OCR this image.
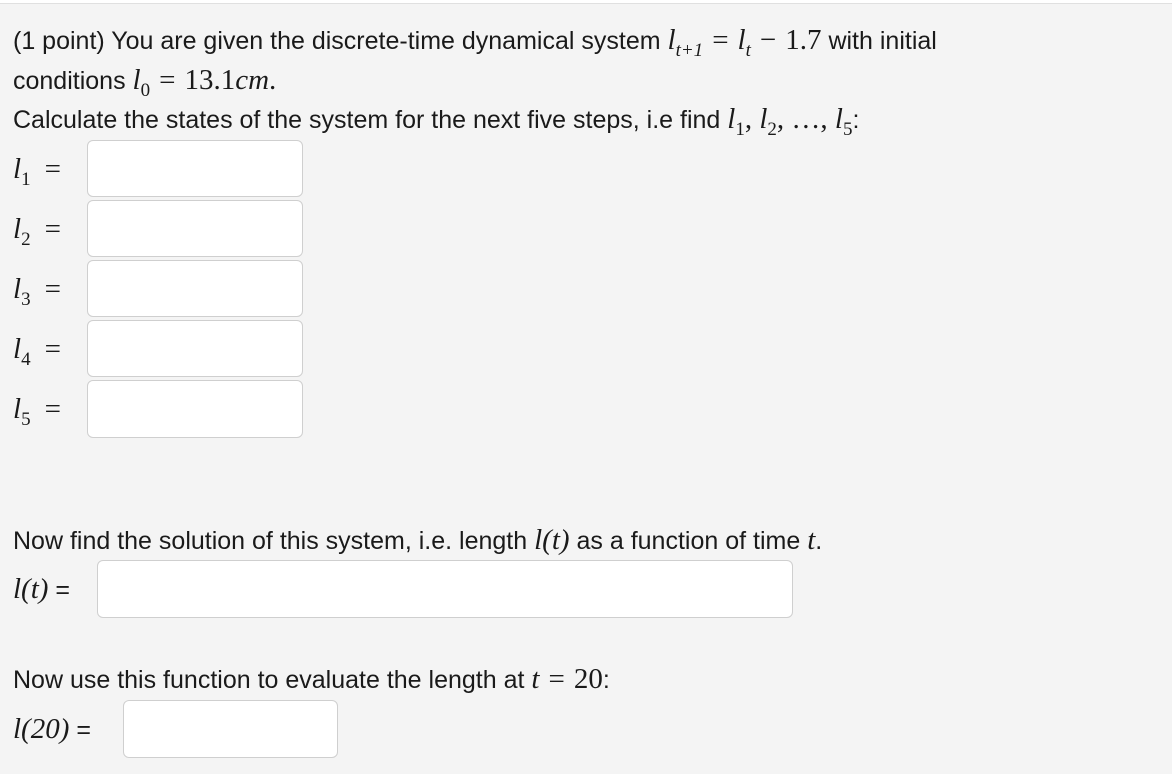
(1 point) You are given the discrete-time dynamical system $l_{t+1} = l_t - 1.7$ with initial
conditions $l_0 = 13.1cm$.
Calculate the states of the system for the next five steps, i.e find $l_1$, $l_2$, …, $l_5$:
$l_1$ =
$l_2$ =
$l_3$ =
$l_4$ =
$l_5$ =
Now find the solution of this system, i.e. length l(t) as a function of time t.
l(t) =
Now use this function to evaluate the length at t = 20:
l(20) =
